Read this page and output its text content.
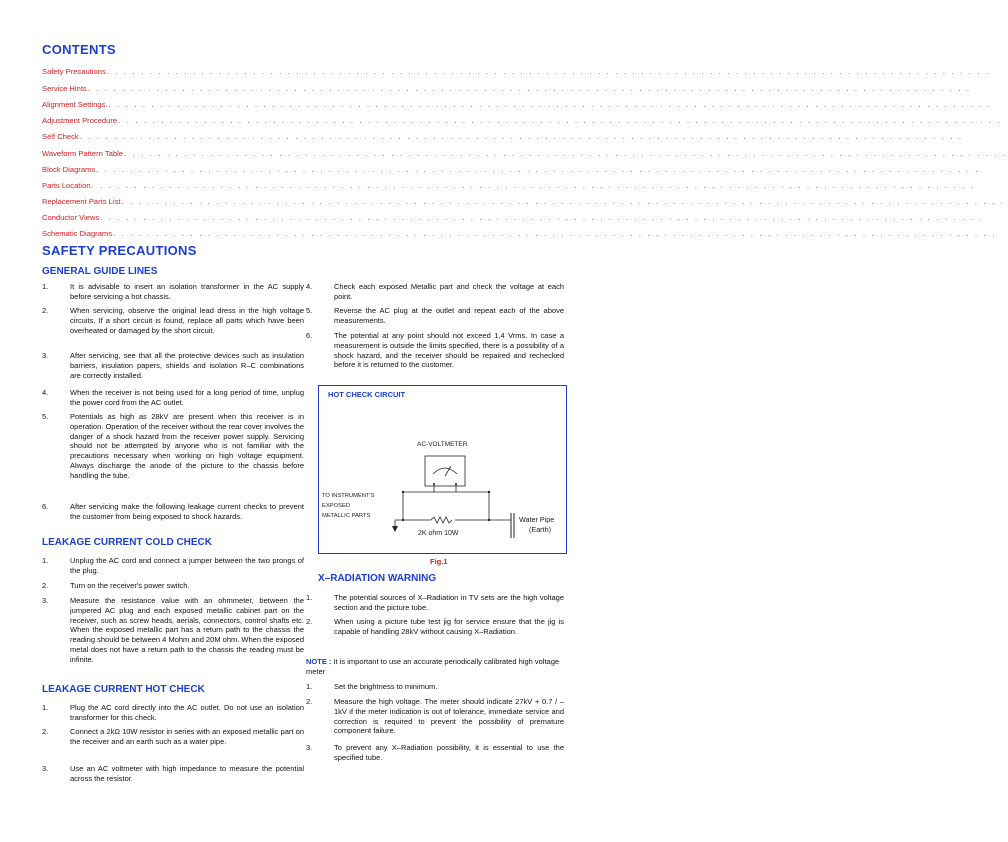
CONTENTS
Safety Precautions. . . . . . . . . . . . . . . . . . . . . . . . . . . . . . . . . . . . . . . . . . . . . . . . . . . . . . . . . . . . . . . . . . . . . . . . . . . . . . . . . . . . . . . . . . . . . . . . . . . . . . .
Service Hints. . . . . . . . . . . . . . . . . . . . . . . . . . . . . . . . . . . . . . . . . . . . . . . . . . . . . . . . . . . . . . . . . . . . . . . . . . . . . . . . . . . . . . . . . . . . . . . . . . . . . . .
Alignment Settings.. . . . . . . . . . . . . . . . . . . . . . . . . . . . . . . . . . . . . . . . . . . . . . . . . . . . . . . . . . . . . . . . . . . . . . . . . . . . . . . . . . . . . . . . . . . . . . . . . . . . . . .
Adjustment Procedure. . . . . . . . . . . . . . . . . . . . . . . . . . . . . . . . . . . . . . . . . . . . . . . . . . . . . . . . . . . . . . . . . . . . . . . . . . . . . . . . . . . . . . . . . . . . . . . . . . . . . . .
Self Check. . . . . . . . . . . . . . . . . . . . . . . . . . . . . . . . . . . . . . . . . . . . . . . . . . . . . . . . . . . . . . . . . . . . . . . . . . . . . . . . . . . . . . . . . . . . . . . . . . . . . . .
Waveform Pattern Table. . . . . . . . . . . . . . . . . . . . . . . . . . . . . . . . . . . . . . . . . . . . . . . . . . . . . . . . . . . . . . . . . . . . . . . . . . . . . . . . . . . . . . . . . . . . . . . . . . . . . . .
Block Diagrams. . . . . . . . . . . . . . . . . . . . . . . . . . . . . . . . . . . . . . . . . . . . . . . . . . . . . . . . . . . . . . . . . . . . . . . . . . . . . . . . . . . . . . . . . . . . . . . . . . . . . . .
Parts Location. . . . . . . . . . . . . . . . . . . . . . . . . . . . . . . . . . . . . . . . . . . . . . . . . . . . . . . . . . . . . . . . . . . . . . . . . . . . . . . . . . . . . . . . . . . . . . . . . . . . . . .
Replacement Parts List. . . . . . . . . . . . . . . . . . . . . . . . . . . . . . . . . . . . . . . . . . . . . . . . . . . . . . . . . . . . . . . . . . . . . . . . . . . . . . . . . . . . . . . . . . . . . . . . . . . . . . .
Conductor Views. . . . . . . . . . . . . . . . . . . . . . . . . . . . . . . . . . . . . . . . . . . . . . . . . . . . . . . . . . . . . . . . . . . . . . . . . . . . . . . . . . . . . . . . . . . . . . . . . . . . . . .
Schematic Diagrams. . . . . . . . . . . . . . . . . . . . . . . . . . . . . . . . . . . . . . . . . . . . . . . . . . . . . . . . . . . . . . . . . . . . . . . . . . . . . . . . . . . . . . . . . . . . . . . . . . . . . . .
SAFETY PRECAUTIONS
GENERAL GUIDE LINES
1.	It is advisable to insert an isolation transformer in the AC supply before servicing a hot chassis.
2.	When servicing, observe the original lead dress in the high voltage circuits. If a short circuit is found, replace all parts which have been overheated or damaged by the short circuit.
3.	After servicing, see that all the protective devices such as insulation barriers, insulation papers, shields and isolation R–C combinations are correctly installed.
4.	When the receiver is not being used for a long period of time, unplug the power cord from the AC outlet.
5.	Potentials as high as 28kV are present when this receiver is in operation. Operation of the receiver without the rear cover involves the danger of a shock hazard from the receiver power supply. Servicing should not be attempted by anyone who is not familiar with the precautions necessary when working on high voltage equipment. Always discharge the anode of the picture to the chassis before handling the tube.
6.	After servicing make the following leakage current checks to prevent the customer from being exposed to shock hazards.
LEAKAGE CURRENT COLD CHECK
1.	Unplug the AC cord and connect a jumper between the two prongs of the plug.
2.	Turn on the receiver's power switch.
3.	Measure the resistance value with an ohmmeter, between the jumpered AC plug and each exposed metallic cabinet part on the receiver, such as screw heads, aerials, connectors, control shafts etc. When the exposed metallic part has a return path to the chassis the reading should be between 4 Mohm and 20M ohm. When the exposed metal does not have a return path to the chassis the reading must be infinite.
LEAKAGE CURRENT HOT CHECK
1.	Plug the AC cord directly into the AC outlet. Do not use an isolation transformer for this check.
2.	Connect a 2kΩ 10W resistor in series with an exposed metallic part on the receiver and an earth such as a water pipe.
3.	Use an AC voltmeter with high impedance to measure the potential across the resistor.
4.	Check each exposed Metallic part and check the voltage at each point.
5.	Reverse the AC plug at the outlet and repeat each of the above measurements.
6.	The potential at any point should not exceed 1,4 Vrms. In case a measurement is outside the limits specified, there is a possibility of a shock hazard, and the receiver should be repaired and rechecked before it is returned to the customer.
HOT CHECK CIRCUIT
AC-VOLTMETER
TO INSTRUMENT'S
EXPOSED
METALLIC PARTS
2K ohm 10W
Water Pipe
(Earth)
Fig.1
X–RADIATION WARNING
1.	The potential sources of X–Radiation in TV sets are the high voltage section and the picture tube.
2.	When using a picture tube test jig for service ensure that the jig is capable of handling 28kV without causing X–Radiation.
NOTE : It is important to use an accurate periodically calibrated high voltage meter
1.	Set the brightness to minimum.
2.	Measure the high voltage. The meter should indicate 27kV + 0.7 / – 1kV if the meter indication is out of tolerance, immediate service and correction is required to prevent the possibility of premature component failure.
3.	To prevent any X–Radiation possibility, it is essential to use the specified tube.
